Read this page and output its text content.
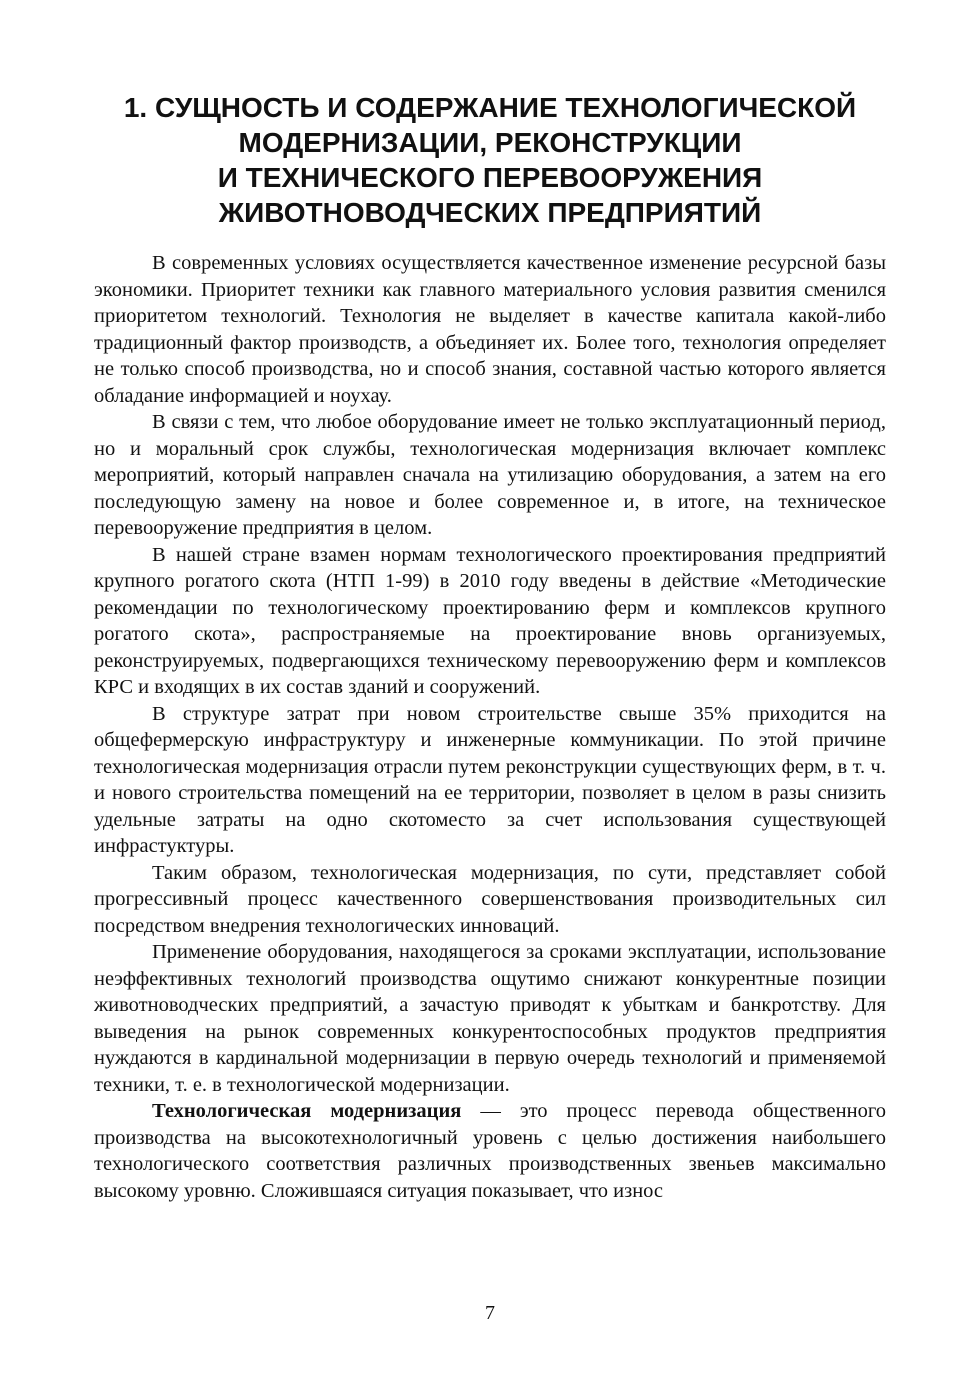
1. СУЩНОСТЬ И СОДЕРЖАНИЕ ТЕХНОЛОГИЧЕСКОЙ
МОДЕРНИЗАЦИИ, РЕКОНСТРУКЦИИ
И ТЕХНИЧЕСКОГО ПЕРЕВООРУЖЕНИЯ
ЖИВОТНОВОДЧЕСКИХ ПРЕДПРИЯТИЙ

В современных условиях осуществляется качественное изменение ресурсной базы экономики. Приоритет техники как главного материального условия развития сменился приоритетом технологий. Технология не выделяет в качестве капитала какой-либо традиционный фактор производств, а объединяет их. Более того, технология определяет не только способ производства, но и способ знания, составной частью которого является обладание информацией и ноухау.

В связи с тем, что любое оборудование имеет не только эксплуатационный период, но и моральный срок службы, технологическая модернизация включает комплекс мероприятий, который направлен сначала на утилизацию оборудования, а затем на его последующую замену на новое и более современное и, в итоге, на техническое перевооружение предприятия в целом.

В нашей стране взамен нормам технологического проектирования предприятий крупного рогатого скота (НТП 1-99) в 2010 году введены в действие «Методические рекомендации по технологическому проектированию ферм и комплексов крупного рогатого скота», распространяемые на проектирование вновь организуемых, реконструируемых, подвергающихся техническому перевооружению ферм и комплексов КРС и входящих в их состав зданий и сооружений.

В структуре затрат при новом строительстве свыше 35% приходится на общефермерскую инфраструктуру и инженерные коммуникации. По этой причине технологическая модернизация отрасли путем реконструкции существующих ферм, в т. ч. и нового строительства помещений на ее территории, позволяет в целом в разы снизить удельные затраты на одно скотоместо за счет использования существующей инфрастуктуры.

Таким образом, технологическая модернизация, по сути, представляет собой прогрессивный процесс качественного совершенствования производительных сил посредством внедрения технологических инноваций.

Применение оборудования, находящегося за сроками эксплуатации, использование неэффективных технологий производства ощутимо снижают конкурентные позиции животноводческих предприятий, а зачастую приводят к убыткам и банкротству. Для выведения на рынок современных конкурентоспособных продуктов предприятия нуждаются в кардинальной модернизации в первую очередь технологий и применяемой техники, т. е. в технологической модернизации.

Технологическая модернизация — это процесс перевода общественного производства на высокотехнологичный уровень с целью достижения наибольшего технологического соответствия различных производственных звеньев максимально высокому уровню. Сложившаяся ситуация показывает, что износ

7
